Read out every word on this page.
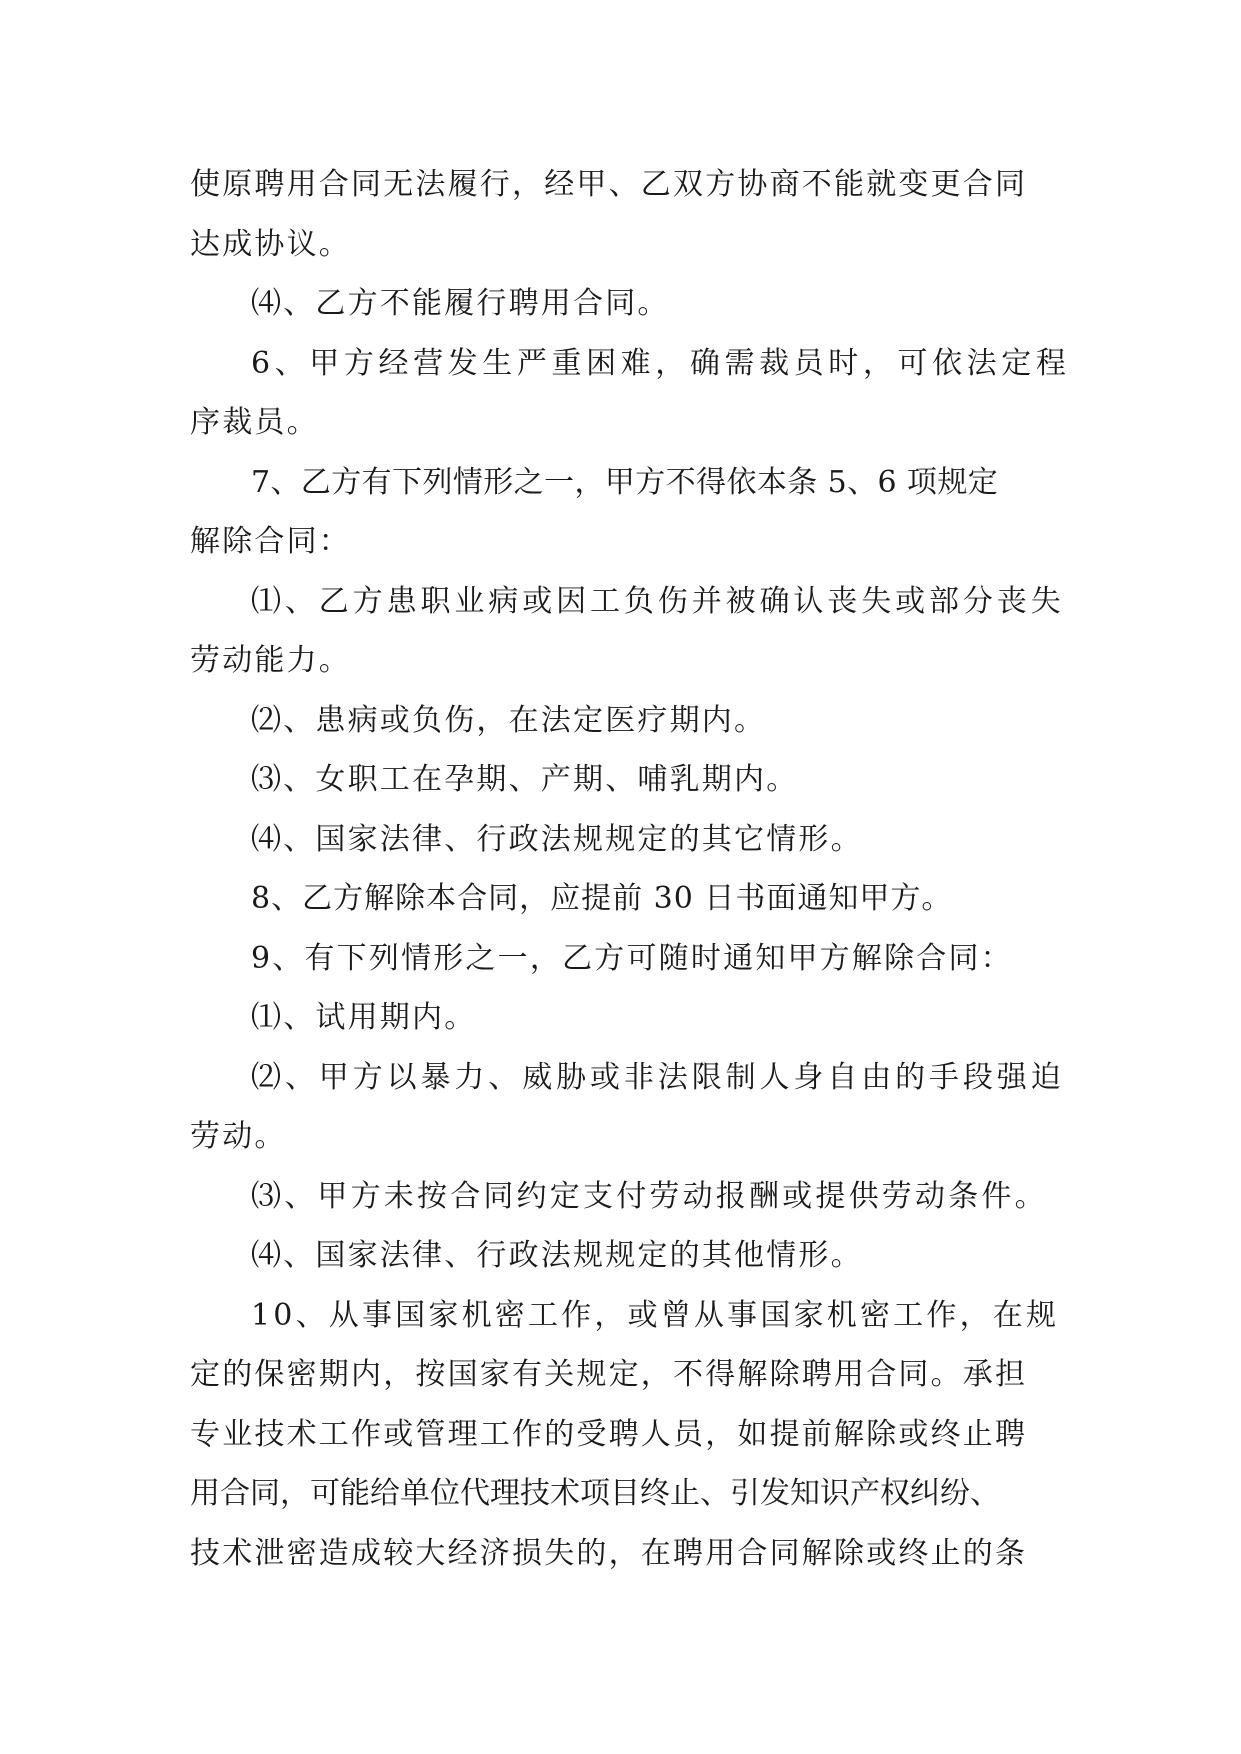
使原聘用合同无法履行，经甲、乙双方协商不能就变更合同

达成协议。

⑷、乙方不能履行聘用合同。

6、甲方经营发生严重困难，确需裁员时，可依法定程

序裁员。

7、乙方有下列情形之一，甲方不得依本条 5、6 项规定

解除合同：

⑴、乙方患职业病或因工负伤并被确认丧失或部分丧失

劳动能力。

⑵、患病或负伤，在法定医疗期内。

⑶、女职工在孕期、产期、哺乳期内。

⑷、国家法律、行政法规规定的其它情形。

8、乙方解除本合同，应提前 30 日书面通知甲方。

9、有下列情形之一，乙方可随时通知甲方解除合同：

⑴、试用期内。

⑵、甲方以暴力、威胁或非法限制人身自由的手段强迫

劳动。

⑶、甲方未按合同约定支付劳动报酬或提供劳动条件。

⑷、国家法律、行政法规规定的其他情形。

10、从事国家机密工作，或曾从事国家机密工作，在规

定的保密期内，按国家有关规定，不得解除聘用合同。承担

专业技术工作或管理工作的受聘人员，如提前解除或终止聘

用合同，可能给单位代理技术项目终止、引发知识产权纠纷、

技术泄密造成较大经济损失的，在聘用合同解除或终止的条
